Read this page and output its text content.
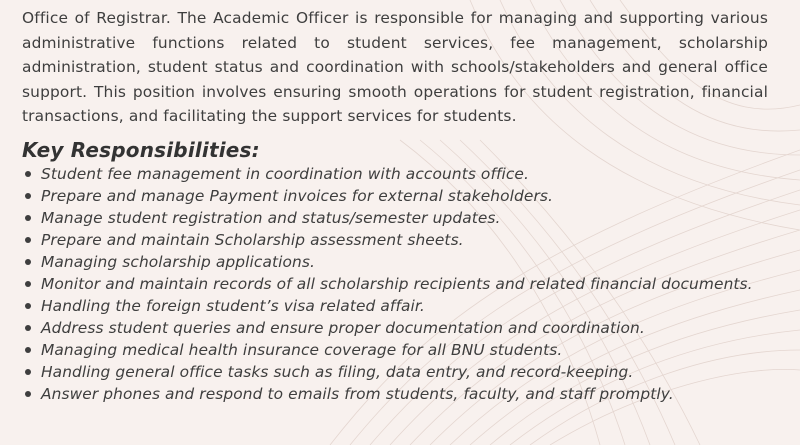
Office of Registrar. The Academic Officer is responsible for managing and supporting various administrative functions related to student services, fee management, scholarship administration, student status and coordination with schools/stakeholders and general office support. This position involves ensuring smooth operations for student registration, financial transactions, and facilitating the support services for students.

Key Responsibilities:
Student fee management in coordination with accounts office.
Prepare and manage Payment invoices for external stakeholders.
Manage student registration and status/semester updates.
Prepare and maintain Scholarship assessment sheets.
Managing scholarship applications.
Monitor and maintain records of all scholarship recipients and related financial documents.
Handling the foreign student’s visa related affair.
Address student queries and ensure proper documentation and coordination.
Managing medical health insurance coverage for all BNU students.
Handling general office tasks such as filing, data entry, and record-keeping.
Answer phones and respond to emails from students, faculty, and staff promptly.
